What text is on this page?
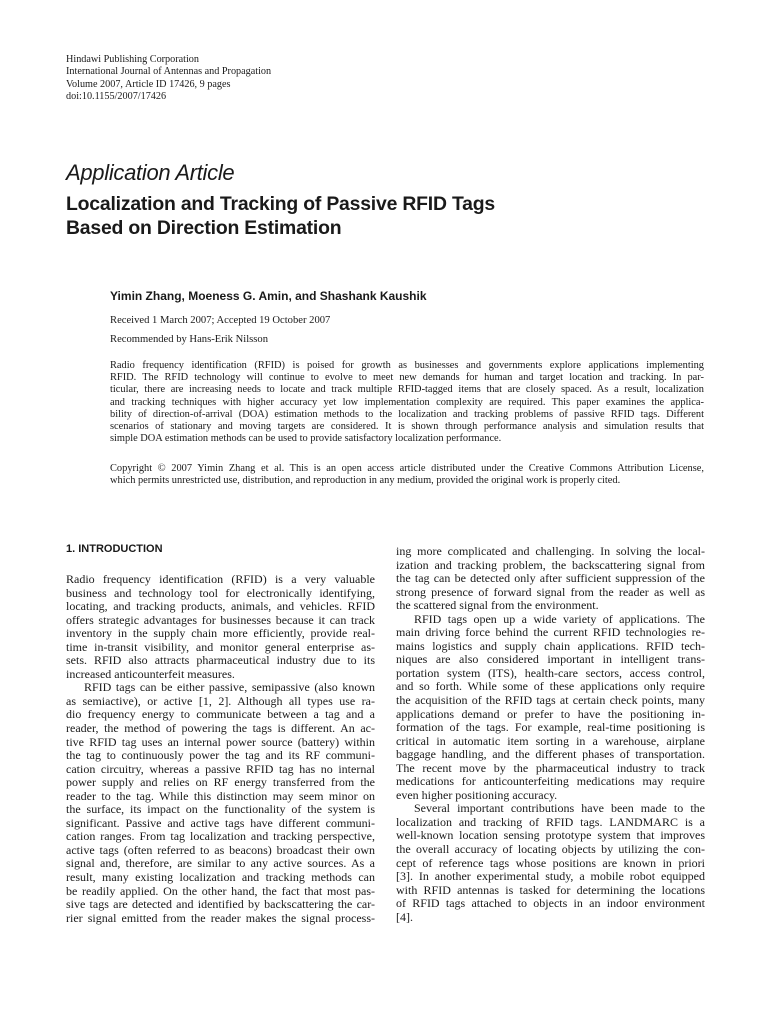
Hindawi Publishing Corporation
International Journal of Antennas and Propagation
Volume 2007, Article ID 17426, 9 pages
doi:10.1155/2007/17426
Application Article
Localization and Tracking of Passive RFID Tags
Based on Direction Estimation
Yimin Zhang, Moeness G. Amin, and Shashank Kaushik
Received 1 March 2007; Accepted 19 October 2007
Recommended by Hans-Erik Nilsson
Radio frequency identification (RFID) is poised for growth as businesses and governments explore applications implementing
RFID. The RFID technology will continue to evolve to meet new demands for human and target location and tracking. In par-
ticular, there are increasing needs to locate and track multiple RFID-tagged items that are closely spaced. As a result, localization
and tracking techniques with higher accuracy yet low implementation complexity are required. This paper examines the applica-
bility of direction-of-arrival (DOA) estimation methods to the localization and tracking problems of passive RFID tags. Different
scenarios of stationary and moving targets are considered. It is shown through performance analysis and simulation results that
simple DOA estimation methods can be used to provide satisfactory localization performance.
Copyright © 2007 Yimin Zhang et al. This is an open access article distributed under the Creative Commons Attribution License,
which permits unrestricted use, distribution, and reproduction in any medium, provided the original work is properly cited.
1. INTRODUCTION
Radio frequency identification (RFID) is a very valuable
business and technology tool for electronically identifying,
locating, and tracking products, animals, and vehicles. RFID
offers strategic advantages for businesses because it can track
inventory in the supply chain more efficiently, provide real-
time in-transit visibility, and monitor general enterprise as-
sets. RFID also attracts pharmaceutical industry due to its
increased anticounterfeit measures.
RFID tags can be either passive, semipassive (also known
as semiactive), or active [1, 2]. Although all types use ra-
dio frequency energy to communicate between a tag and a
reader, the method of powering the tags is different. An ac-
tive RFID tag uses an internal power source (battery) within
the tag to continuously power the tag and its RF communi-
cation circuitry, whereas a passive RFID tag has no internal
power supply and relies on RF energy transferred from the
reader to the tag. While this distinction may seem minor on
the surface, its impact on the functionality of the system is
significant. Passive and active tags have different communi-
cation ranges. From tag localization and tracking perspective,
active tags (often referred to as beacons) broadcast their own
signal and, therefore, are similar to any active sources. As a
result, many existing localization and tracking methods can
be readily applied. On the other hand, the fact that most pas-
sive tags are detected and identified by backscattering the car-
rier signal emitted from the reader makes the signal process-
ing more complicated and challenging. In solving the local-
ization and tracking problem, the backscattering signal from
the tag can be detected only after sufficient suppression of the
strong presence of forward signal from the reader as well as
the scattered signal from the environment.
RFID tags open up a wide variety of applications. The
main driving force behind the current RFID technologies re-
mains logistics and supply chain applications. RFID tech-
niques are also considered important in intelligent trans-
portation system (ITS), health-care sectors, access control,
and so forth. While some of these applications only require
the acquisition of the RFID tags at certain check points, many
applications demand or prefer to have the positioning in-
formation of the tags. For example, real-time positioning is
critical in automatic item sorting in a warehouse, airplane
baggage handling, and the different phases of transportation.
The recent move by the pharmaceutical industry to track
medications for anticounterfeiting medications may require
even higher positioning accuracy.
Several important contributions have been made to the
localization and tracking of RFID tags. LANDMARC is a
well-known location sensing prototype system that improves
the overall accuracy of locating objects by utilizing the con-
cept of reference tags whose positions are known in priori
[3]. In another experimental study, a mobile robot equipped
with RFID antennas is tasked for determining the locations
of RFID tags attached to objects in an indoor environment
[4].
